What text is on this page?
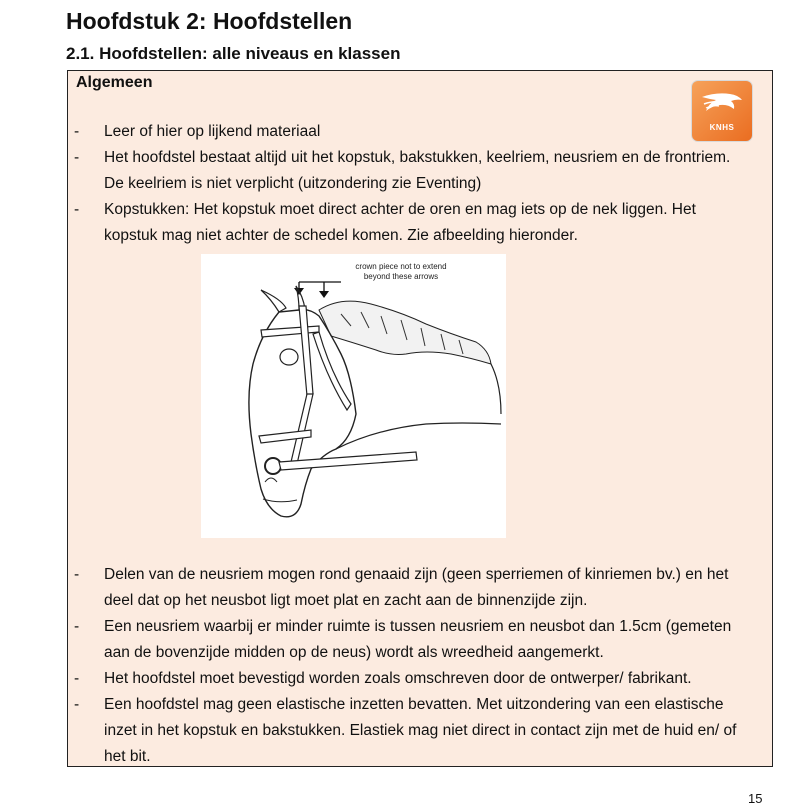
Hoofdstuk 2: Hoofdstellen
2.1. Hoofdstellen: alle niveaus en klassen
Algemeen
KNHS
- Leer of hier op lijkend materiaal
- Het hoofdstel bestaat altijd uit het kopstuk, bakstukken, keelriem, neusriem en de frontriem. De keelriem is niet verplicht (uitzondering zie Eventing)
- Kopstukken: Het kopstuk moet direct achter de oren en mag iets op de nek liggen. Het kopstuk mag niet achter de schedel komen. Zie afbeelding hieronder.
crown piece not to extend
beyond these arrows
- Delen van de neusriem mogen rond genaaid zijn (geen sperriemen of kinriemen bv.) en het deel dat op het neusbot ligt moet plat en zacht aan de binnenzijde zijn.
- Een neusriem waarbij er minder ruimte is tussen neusriem en neusbot dan 1.5cm (gemeten aan de bovenzijde midden op de neus) wordt als wreedheid aangemerkt.
- Het hoofdstel moet bevestigd worden zoals omschreven door de ontwerper/ fabrikant.
- Een hoofdstel mag geen elastische inzetten bevatten. Met uitzondering van een elastische inzet in het kopstuk en bakstukken. Elastiek mag niet direct in contact zijn met de huid en/ of het bit.
15
